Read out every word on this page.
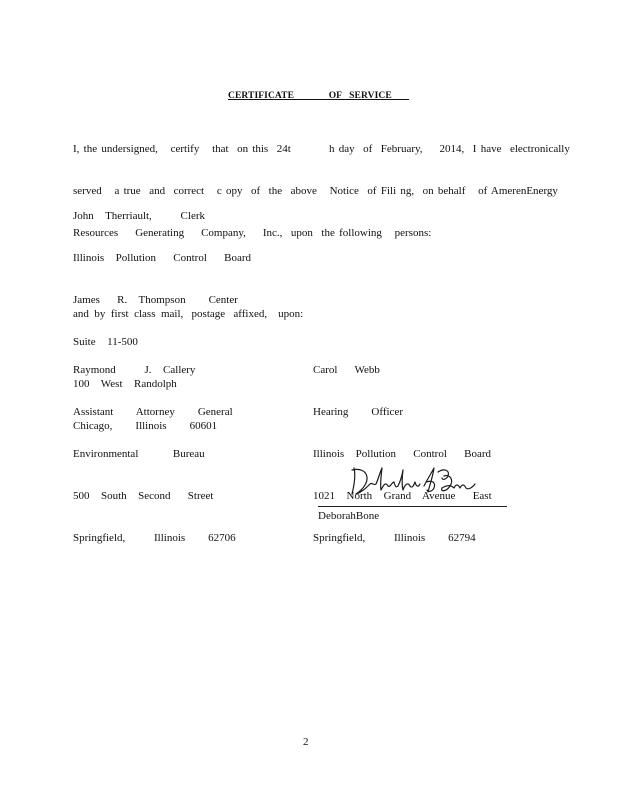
CERTIFICATE              OF   SERVICE

I, the undersigned,   certify   that  on this  24t         h day  of  February,    2014,  I have  electronically

served   a true  and  correct   c opy  of  the  above   Notice  of Fili ng,  on behalf   of AmerenEnergy

Resources    Generating    Company,    Inc.,  upon  the following   persons:

John  Therriault,     Clerk

Illinois  Pollution   Control   Board

James   R.  Thompson    Center

Suite  11-500

100  West  Randolph

Chicago,    Illinois    60601

and  by  first  class  mail,   postage   affixed,    upon:

Raymond     J.  Callery

Assistant    Attorney    General

Environmental      Bureau

500  South  Second   Street

Springfield,     Illinois    62706

Carol   Webb

Hearing    Officer

Illinois  Pollution   Control   Board

1021  North  Grand  Avenue   East

Springfield,     Illinois    62794

DeborahBone
2
